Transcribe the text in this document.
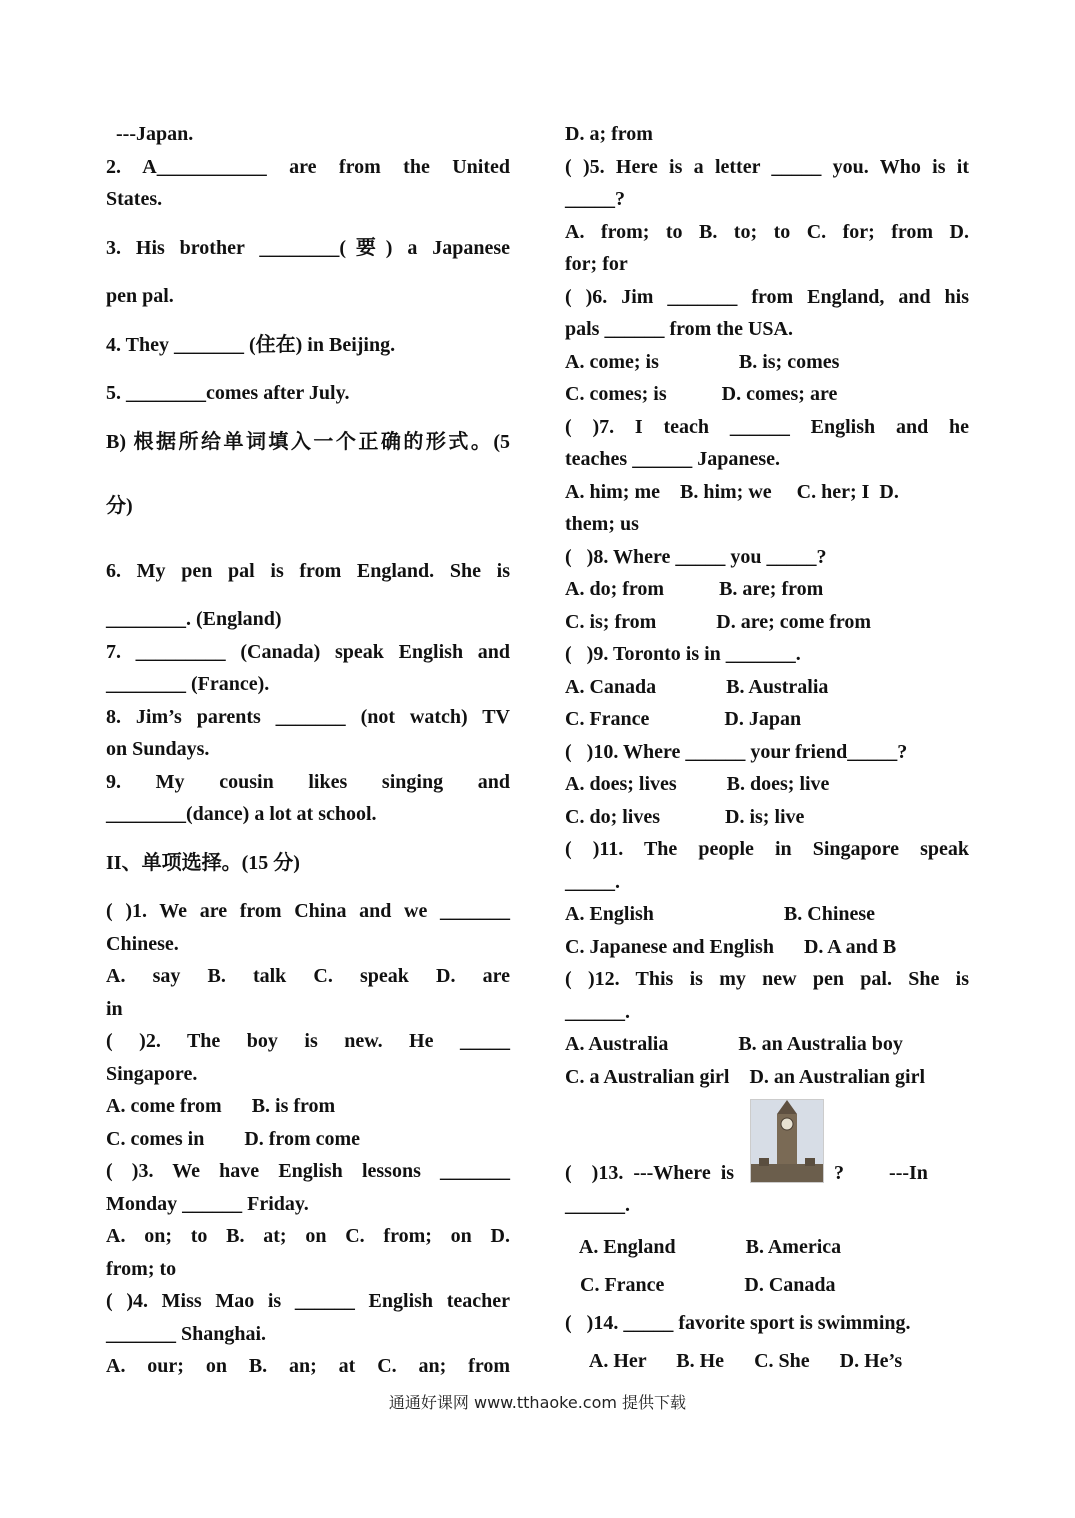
---Japan.
2. A___________ are from the United
States.
3. His brother ________(要) a Japanese
pen pal.
4. They _______ (住在) in Beijing.
5. ________comes after July.
B) 根据所给单词填入一个正确的形式。(5
分)
6. My pen pal is from England. She is
________. (England)
7. _________ (Canada) speak English and
________ (France).
8. Jim’s parents _______ (not watch) TV
on Sundays.
9. My cousin likes singing and
________(dance) a lot at school.
II、单项选择。(15 分)
( )1. We are from China and we _______
Chinese.
A. say B. talk C. speak D. are
in
( )2. The boy is new. He _____
Singapore.
A. come from      B. is from
C. comes in        D. from come
( )3. We have English lessons _______
Monday ______ Friday.
A. on; to B. at; on C. from; on D.
from; to
( )4. Miss Mao is ______ English teacher
_______ Shanghai.
A. our; on B. an; at C. an; from
D. a; from
( )5. Here is a letter _____ you. Who is it
_____?
A. from; to B. to; to C. for; from D.
for; for
( )6. Jim _______ from England, and his
pals ______ from the USA.
A. come; is                B. is; comes
C. comes; is           D. comes; are
( )7. I teach ______ English and he
teaches ______ Japanese.
A. him; me    B. him; we     C. her; I  D.
them; us
(   )8. Where _____ you _____?
A. do; from           B. are; from
C. is; from            D. are; come from
(   )9. Toronto is in _______.
A. Canada              B. Australia
C. France               D. Japan
(   )10. Where ______ your friend_____?
A. does; lives          B. does; live
C. do; lives             D. is; live
( )11. The people in Singapore speak
_____.
A. English                          B. Chinese
C. Japanese and English      D. A and B
( )12. This is my new pen pal. She is
______.
A. Australia              B. an Australia boy
C. a Australian girl    D. an Australian girl
(    )13.  ---Where  is	?         ---In
______.
A. England              B. America
C. France                D. Canada
(   )14. _____ favorite sport is swimming.
A. Her      B. He      C. She      D. He’s
通通好课网 www.tthaoke.com 提供下载
